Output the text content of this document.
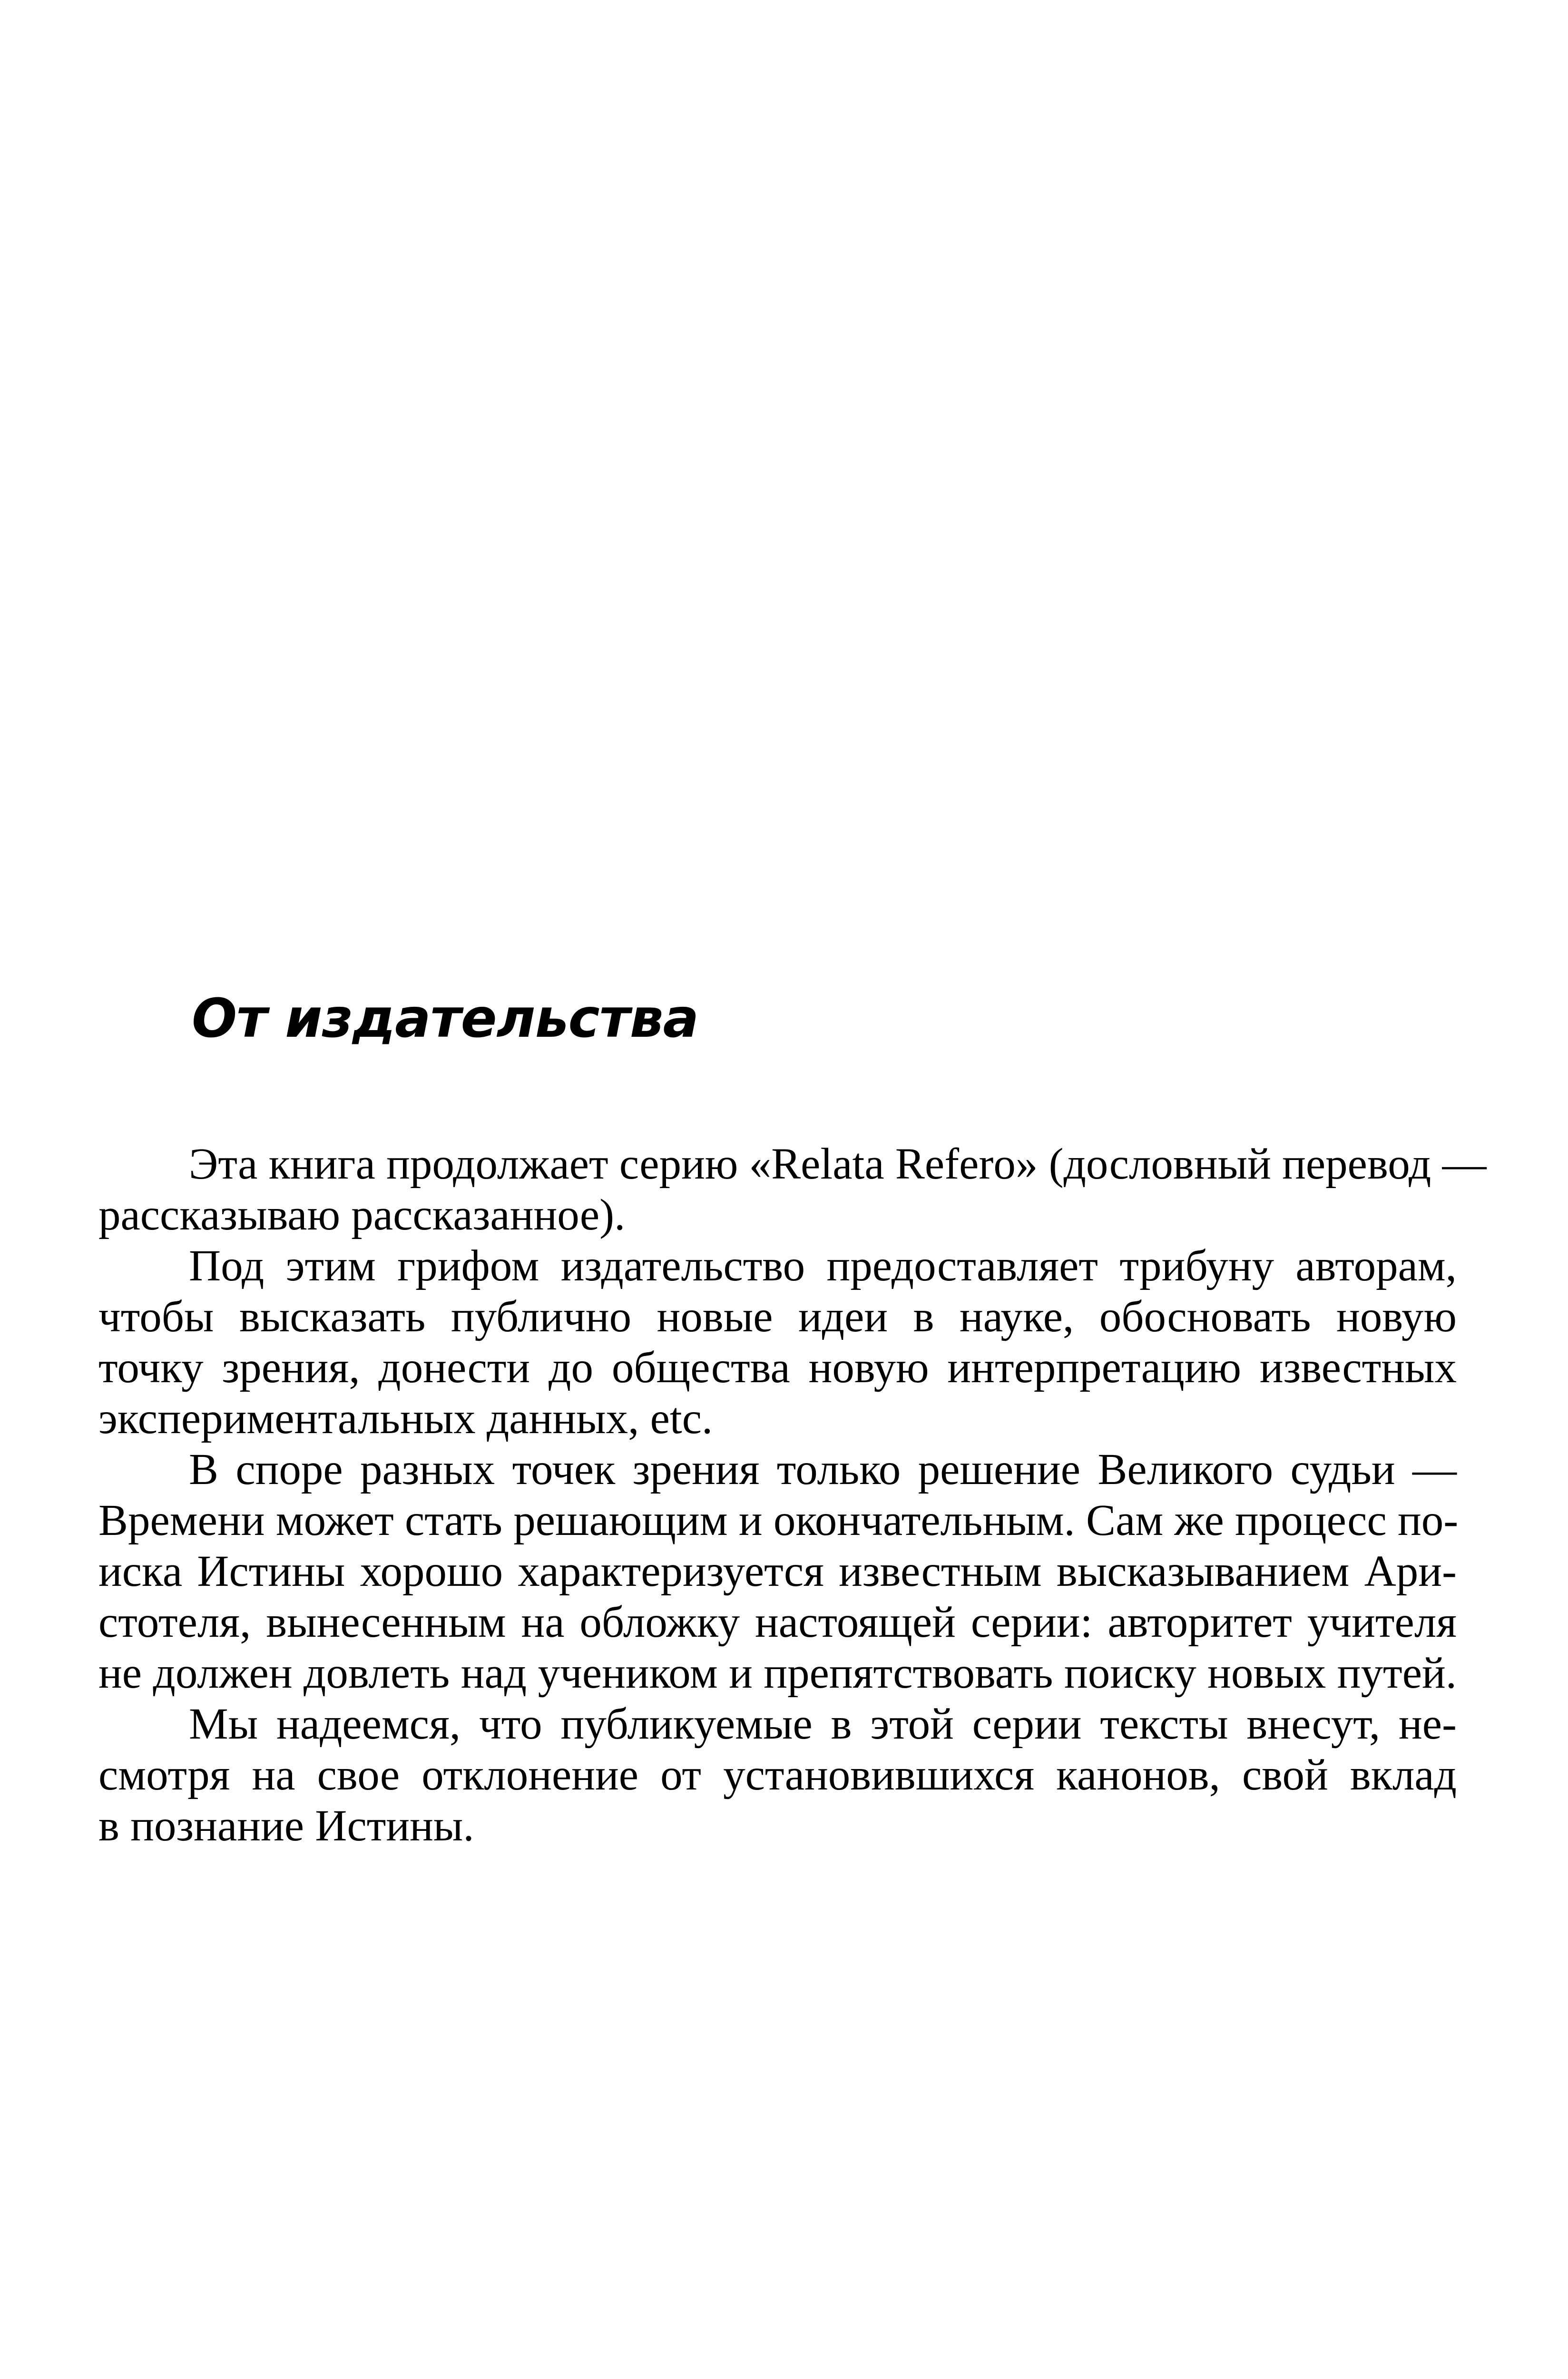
От издательства
Эта книга продолжает серию «Relata Refero» (дословный перевод —
рассказываю рассказанное).
Под этим грифом издательство предоставляет трибуну авторам,
чтобы высказать публично новые идеи в науке, обосновать новую
точку зрения, донести до общества новую интерпретацию известных
экспериментальных данных, etc.
В споре разных точек зрения только решение Великого судьи —
Времени может стать решающим и окончательным. Сам же процесс по-
иска Истины хорошо характеризуется известным высказыванием Ари-
стотеля, вынесенным на обложку настоящей серии: авторитет учителя
не должен довлеть над учеником и препятствовать поиску новых путей.
Мы надеемся, что публикуемые в этой серии тексты внесут, не-
смотря на свое отклонение от установившихся канонов, свой вклад
в познание Истины.
